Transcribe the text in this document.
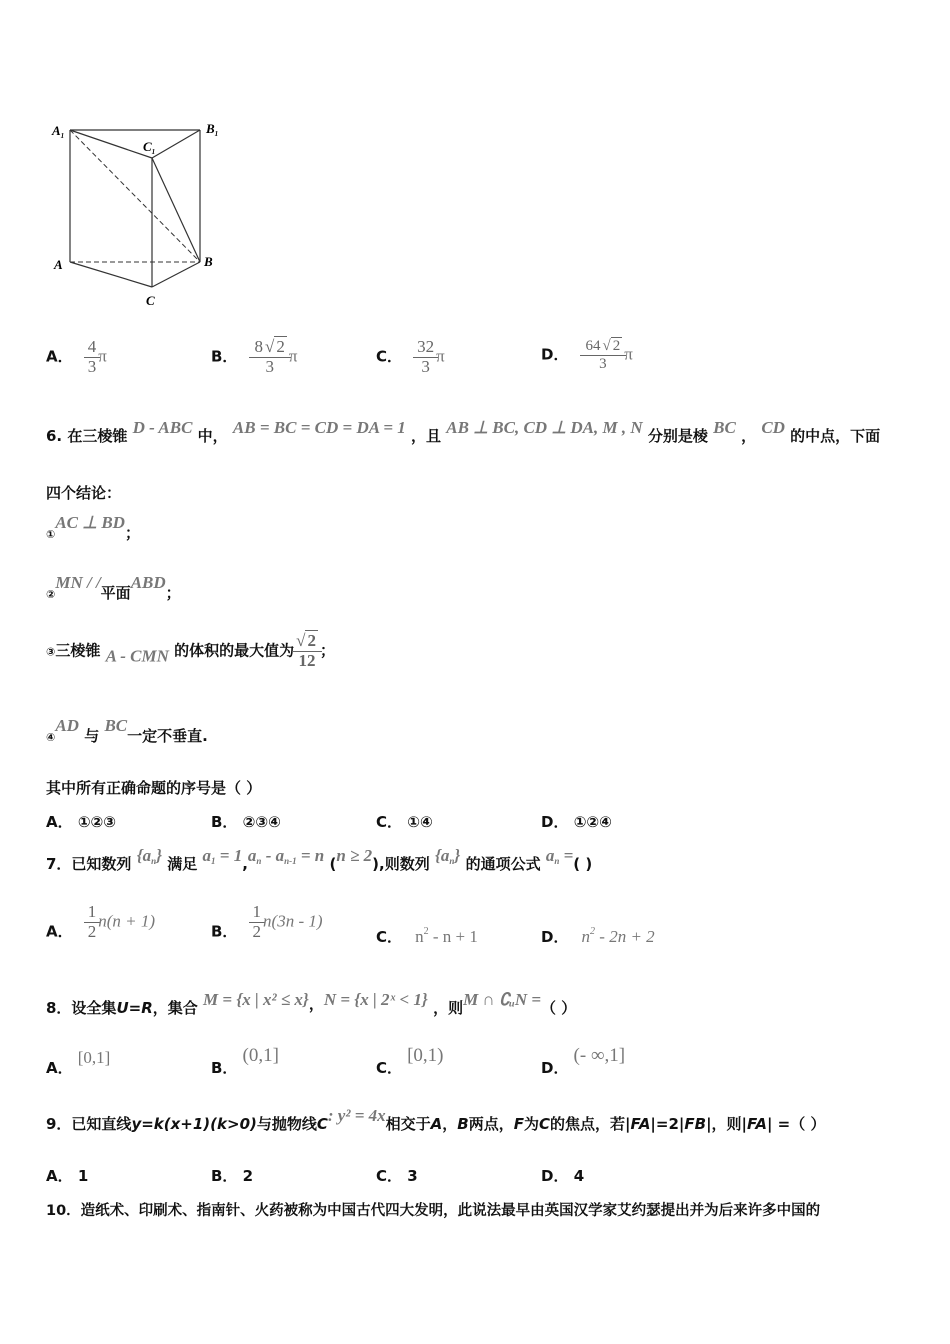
$A_1$	$B_1$
$C_1$
A	B
C
A． $\frac{4}{3}$ π	B． $\frac{8 √ 2}{3}$ π	C． $\frac{32}{3}$ π	D． $\frac{64 √ 2}{3}$ π
6. 在三棱锥 D - ABC 中， AB = BC = CD = DA = 1 ，且 AB ⊥ BC, CD ⊥ DA, M , N 分别是棱 BC ， CD 的中点，下面
四个结论：
$_①$AC ⊥ BD；
$_②$MN / /平面ABD；
③三棱锥 A - CMN 的体积的最大值为 $\frac{√ 2}{12}$ ；
$_④$AD 与 BC一定不垂直.
其中所有正确命题的序号是（ ）
A． ①②③	B． ②③④	C． ①④	D． ①②④
7．已知数列 $\{a_n\}$ 满足 $a_1 = 1,a_n - a_{n-1} = n$ (n ≥ 2),则数列 $\{a_n\}$ 的通项公式 $a_n$ =( )
A． $\frac{1}{2} n(n + 1)$
B． $\frac{1}{2} n(3n - 1)$
C． $n^2 - n + 1$	D． $n^2 - 2n + 2$
8．设全集U=R，集合 M = {x | x² ≤ x}，N = {x | 2ˣ < 1} ，则M ∩ ∁ᵤN =（ ）
A． [0,1]
B． (0,1]
C． [0,1)
D． (- ∞,1]
9．已知直线y=k(x+1)(k>0)与抛物线C: y² = 4x相交于A，B两点，F为C的焦点，若|FA|=2|FB|，则|FA| =（ ）
A． 1	B． 2	C． 3	D． 4
10．造纸术、印刷术、指南针、火药被称为中国古代四大发明，此说法最早由英国汉学家艾约瑟提出并为后来许多中国的
